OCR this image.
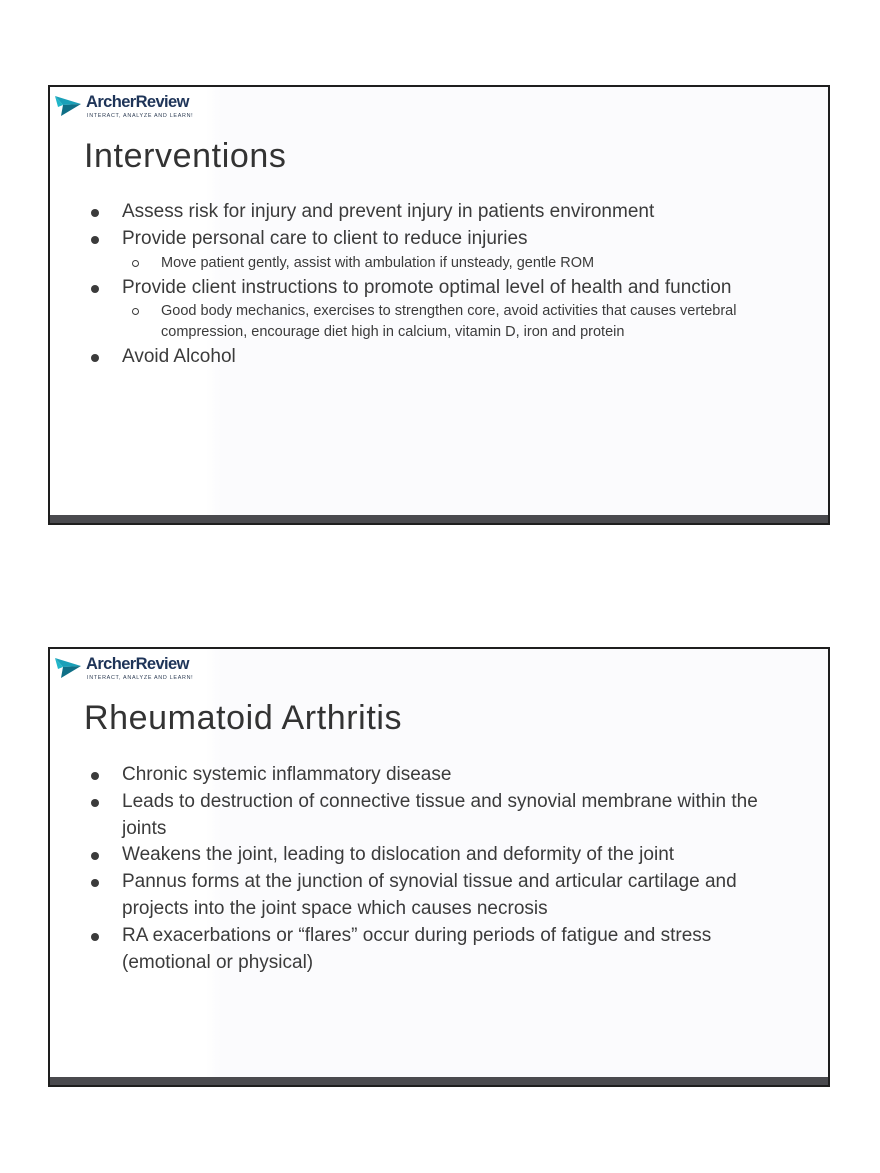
ArcherReview
INTERACT, ANALYZE AND LEARN!
Interventions
Assess risk for injury and prevent injury in patients environment
Provide personal care to client to reduce injuries
Move patient gently, assist with ambulation if unsteady, gentle ROM
Provide client instructions to promote optimal level of health and function
Good body mechanics, exercises to strengthen core, avoid activities that causes vertebral compression, encourage diet high in calcium, vitamin D, iron and protein
Avoid Alcohol
ArcherReview
INTERACT, ANALYZE AND LEARN!
Rheumatoid Arthritis
Chronic systemic inflammatory disease
Leads to destruction of connective tissue and synovial membrane within the joints
Weakens the joint, leading to dislocation and deformity of the joint
Pannus forms at the junction of synovial tissue and articular cartilage and projects into the joint space which causes necrosis
RA exacerbations or “flares” occur during periods of fatigue and stress (emotional or physical)
